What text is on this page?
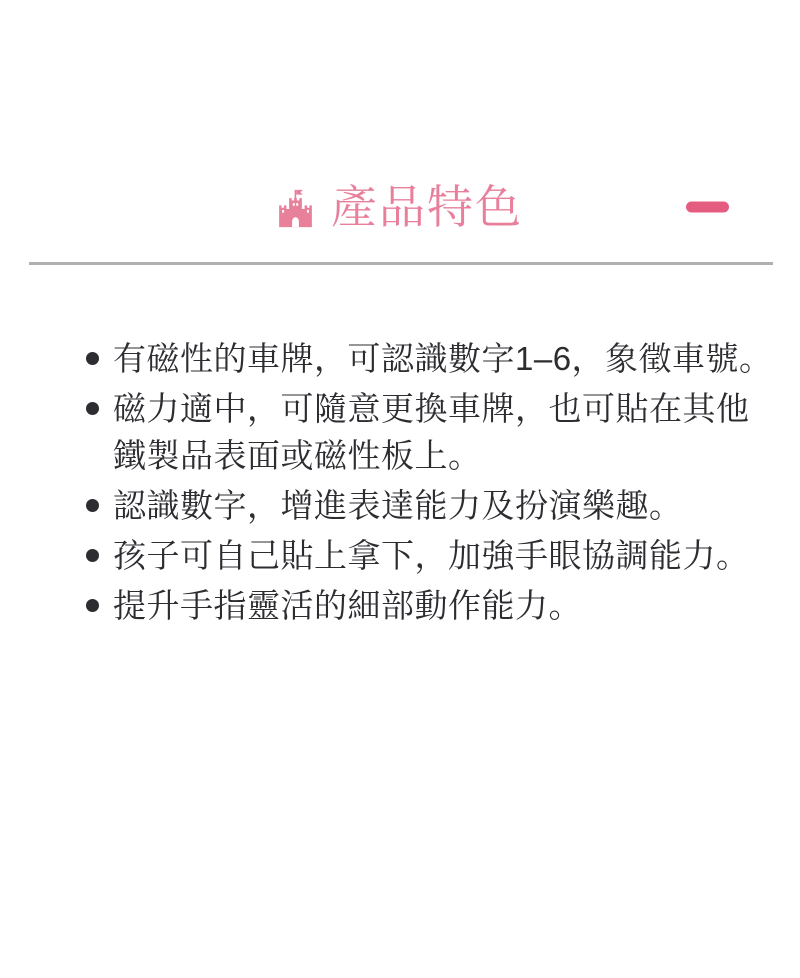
產品特色
有磁性的車牌，可認識數字1–6，象徵車號。
磁力適中，可隨意更換車牌，也可貼在其他鐵製品表面或磁性板上。
認識數字，增進表達能力及扮演樂趣。
孩子可自己貼上拿下，加強手眼協調能力。
提升手指靈活的細部動作能力。
